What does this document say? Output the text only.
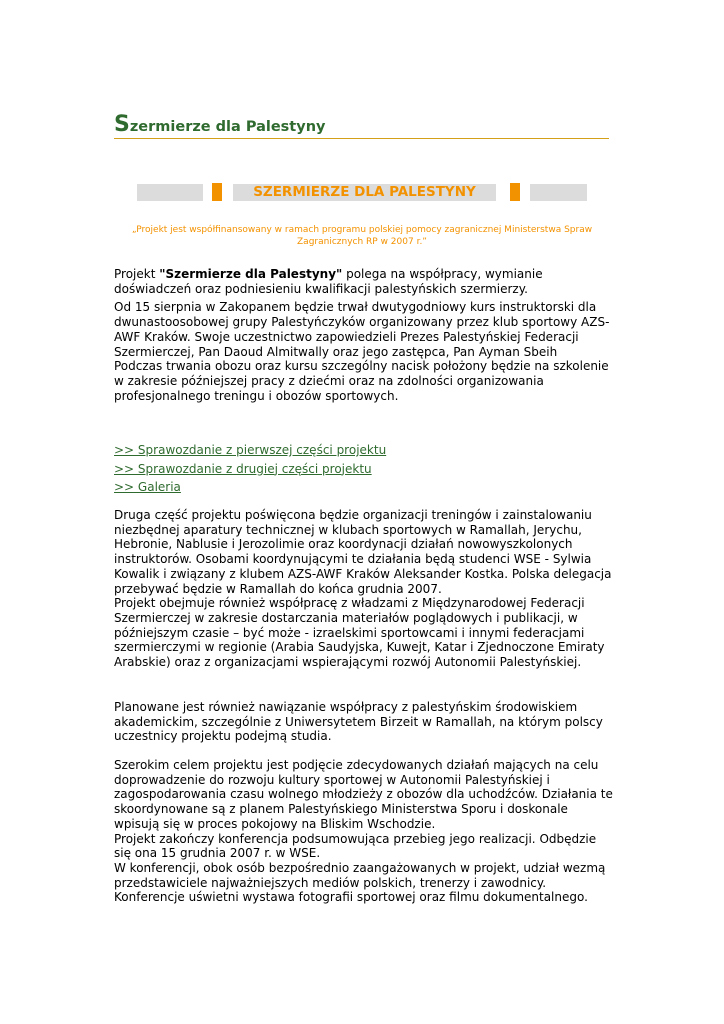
Szermierze dla Palestyny
SZERMIERZE DLA PALESTYNY
„Projekt jest współfinansowany w ramach programu polskiej pomocy zagranicznej Ministerstwa Spraw Zagranicznych RP w 2007 r.”

Projekt "Szermierze dla Palestyny" polega na współpracy, wymianie doświadczeń oraz podniesieniu kwalifikacji palestyńskich szermierzy.

Od 15 sierpnia w Zakopanem będzie trwał dwutygodniowy kurs instruktorski dla dwunastoosobowej grupy Palestyńczyków organizowany przez klub sportowy AZS-AWF Kraków. Swoje uczestnictwo zapowiedzieli Prezes Palestyńskiej Federacji Szermierczej, Pan Daoud Almitwally oraz jego zastępca, Pan Ayman Sbeih

Podczas trwania obozu oraz kursu szczególny nacisk położony będzie na szkolenie w zakresie późniejszej pracy z dziećmi oraz na zdolności organizowania profesjonalnego treningu i obozów sportowych.

>> Sprawozdanie z pierwszej części projektu
>> Sprawozdanie z drugiej części projektu
>> Galeria

Druga część projektu poświęcona będzie organizacji treningów i zainstalowaniu niezbędnej aparatury technicznej w klubach sportowych w Ramallah, Jerychu, Hebronie, Nablusie i Jerozolimie oraz koordynacji działań nowowyszkolonych instruktorów. Osobami koordynującymi te działania będą studenci WSE - Sylwia Kowalik i związany z klubem AZS-AWF Kraków Aleksander Kostka. Polska delegacja przebywać będzie w Ramallah do końca grudnia 2007.

Projekt obejmuje również współpracę z władzami z Międzynarodowej Federacji Szermierczej w zakresie dostarczania materiałów poglądowych i publikacji, w późniejszym czasie – być może - izraelskimi sportowcami i innymi federacjami szermierczymi w regionie (Arabia Saudyjska, Kuwejt, Katar i Zjednoczone Emiraty Arabskie) oraz z organizacjami wspierającymi rozwój Autonomii Palestyńskiej.

Planowane jest również nawiązanie współpracy z palestyńskim środowiskiem akademickim, szczególnie z Uniwersytetem Birzeit w Ramallah, na którym polscy uczestnicy projektu podejmą studia.

Szerokim celem projektu jest podjęcie zdecydowanych działań mających na celu doprowadzenie do rozwoju kultury sportowej w Autonomii Palestyńskiej i zagospodarowania czasu wolnego młodzieży z obozów dla uchodźców. Działania te skoordynowane są z planem Palestyńskiego Ministerstwa Sporu i doskonale wpisują się w proces pokojowy na Bliskim Wschodzie.

Projekt zakończy konferencja podsumowująca przebieg jego realizacji. Odbędzie się ona 15 grudnia 2007 r. w WSE.

W konferencji, obok osób bezpośrednio zaangażowanych w projekt, udział wezmą przedstawiciele najważniejszych mediów polskich, trenerzy i zawodnicy. Konferencje uświetni wystawa fotografii sportowej oraz filmu dokumentalnego.
